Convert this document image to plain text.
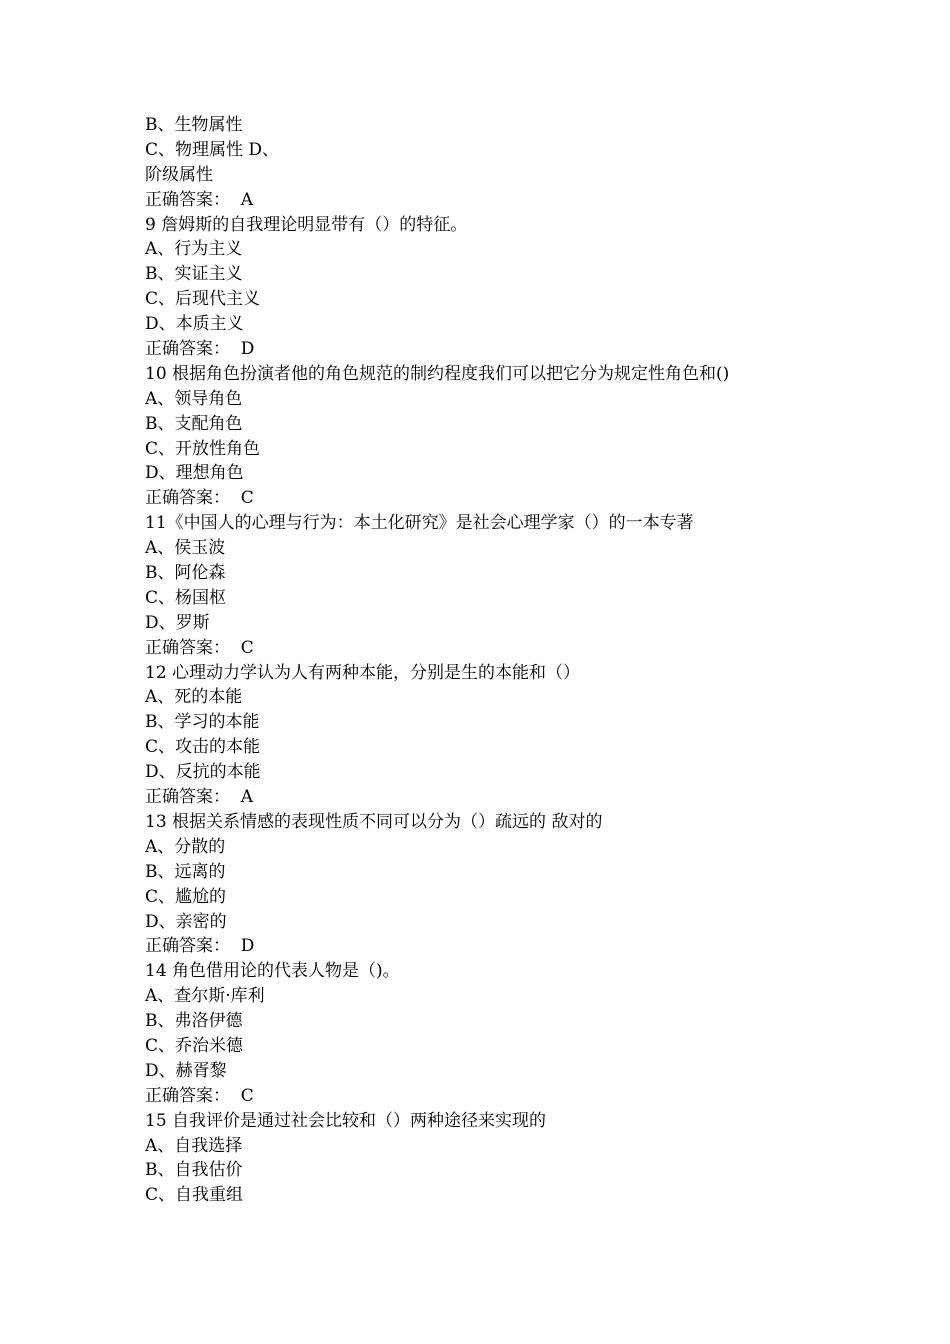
B、生物属性
C、物理属性 D、
阶级属性
正确答案：  A
9 詹姆斯的自我理论明显带有（）的特征。
A、行为主义
B、实证主义
C、后现代主义
D、本质主义
正确答案：  D
10 根据角色扮演者他的角色规范的制约程度我们可以把它分为规定性角色和()
A、领导角色
B、支配角色
C、开放性角色
D、理想角色
正确答案：  C
11《中国人的心理与行为：本土化研究》是社会心理学家（）的一本专著
A、侯玉波
B、阿伦森
C、杨国枢
D、罗斯
正确答案：  C
12 心理动力学认为人有两种本能，分别是生的本能和（）
A、死的本能
B、学习的本能
C、攻击的本能
D、反抗的本能
正确答案：  A
13 根据关系情感的表现性质不同可以分为（）疏远的 敌对的
A、分散的
B、远离的
C、尴尬的
D、亲密的
正确答案：  D
14 角色借用论的代表人物是（)。
A、查尔斯·库利
B、弗洛伊德
C、乔治米德
D、赫胥黎
正确答案：  C
15 自我评价是通过社会比较和（）两种途径来实现的
A、自我选择
B、自我估价
C、自我重组
